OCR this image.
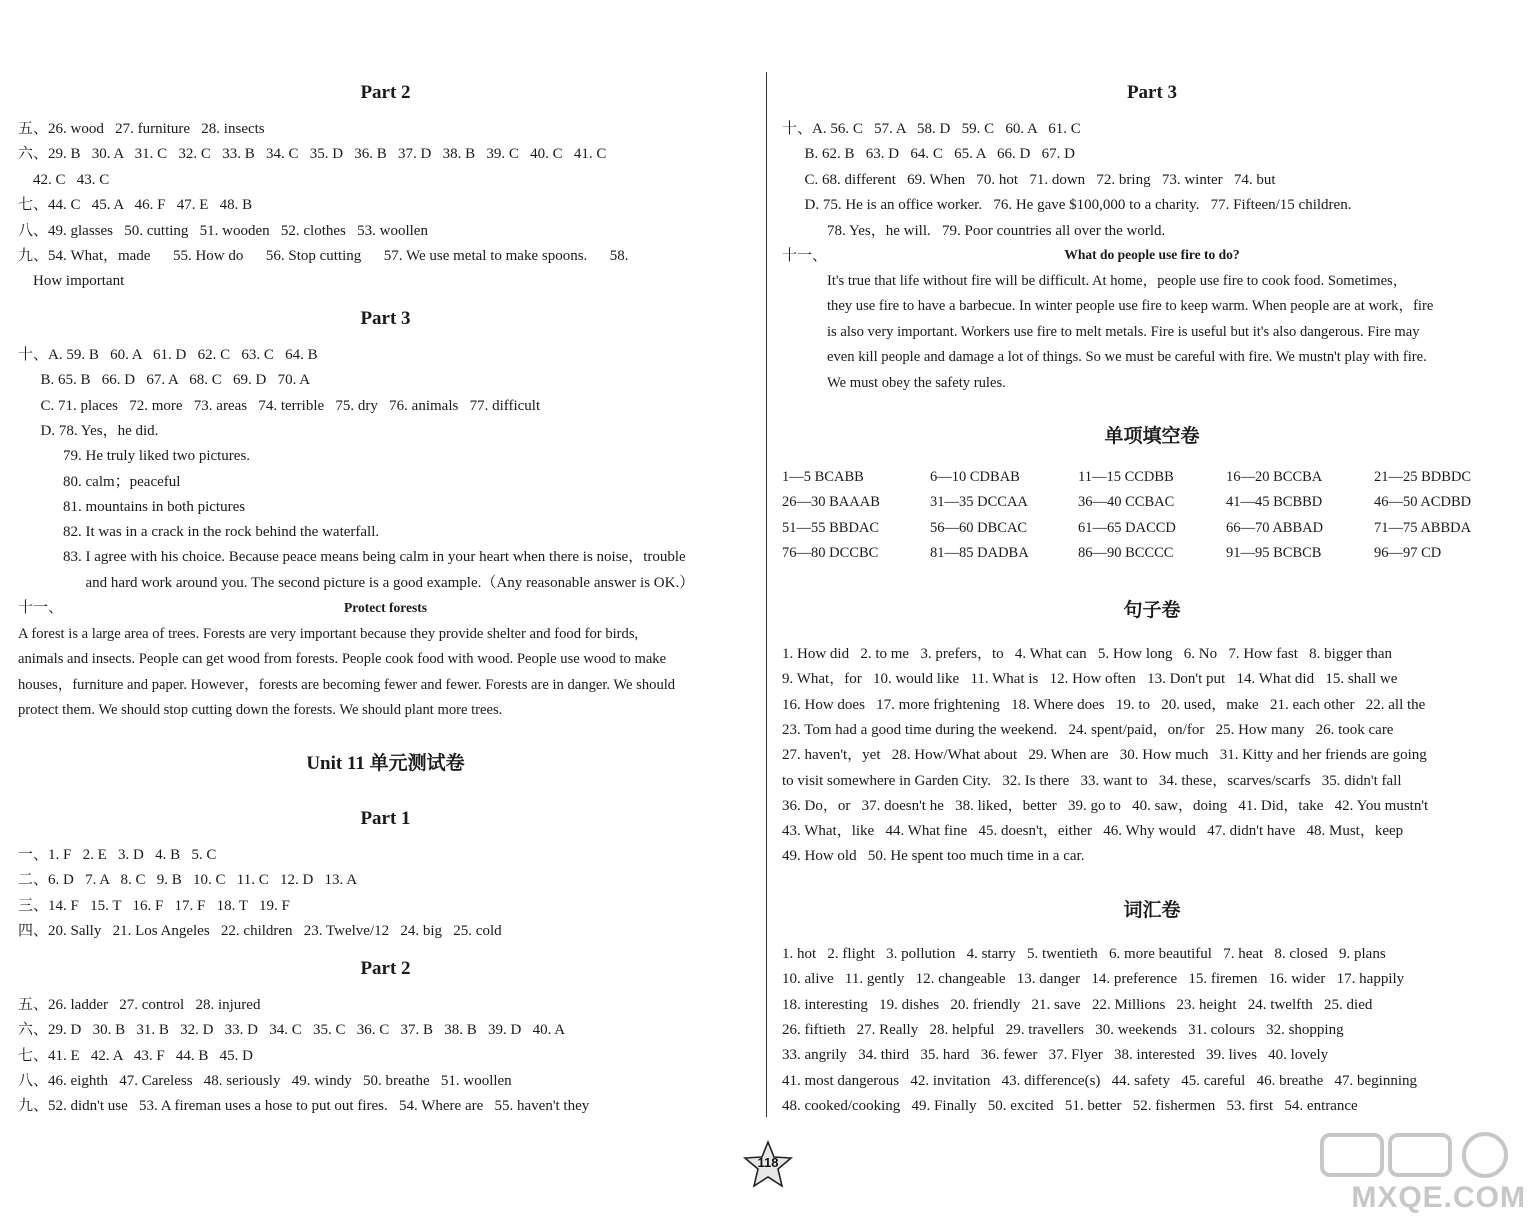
Part 2
五、26. wood   27. furniture   28. insects
六、29. B   30. A   31. C   32. C   33. B   34. C   35. D   36. B   37. D   38. B   39. C   40. C   41. C
42. C   43. C
七、44. C   45. A   46. F   47. E   48. B
八、49. glasses   50. cutting   51. wooden   52. clothes   53. woollen
九、54. What，made      55. How do      56. Stop cutting      57. We use metal to make spoons.      58.
How important
Part 3
十、A. 59. B   60. A   61. D   62. C   63. C   64. B
B. 65. B   66. D   67. A   68. C   69. D   70. A
C. 71. places   72. more   73. areas   74. terrible   75. dry   76. animals   77. difficult
D. 78. Yes，he did.
79. He truly liked two pictures.
80. calm；peaceful
81. mountains in both pictures
82. It was in a crack in the rock behind the waterfall.
83. I agree with his choice. Because peace means being calm in your heart when there is noise，trouble
and hard work around you. The second picture is a good example.（Any reasonable answer is OK.）
十一、	Protect forests
A forest is a large area of trees. Forests are very important because they provide shelter and food for birds,
animals and insects. People can get wood from forests. People cook food with wood. People use wood to make
houses，furniture and paper. However，forests are becoming fewer and fewer. Forests are in danger. We should
protect them. We should stop cutting down the forests. We should plant more trees.
Unit 11 单元测试卷
Part 1
一、1. F   2. E   3. D   4. B   5. C
二、6. D   7. A   8. C   9. B   10. C   11. C   12. D   13. A
三、14. F   15. T   16. F   17. F   18. T   19. F
四、20. Sally   21. Los Angeles   22. children   23. Twelve/12   24. big   25. cold
Part 2
五、26. ladder   27. control   28. injured
六、29. D   30. B   31. B   32. D   33. D   34. C   35. C   36. C   37. B   38. B   39. D   40. A
七、41. E   42. A   43. F   44. B   45. D
八、46. eighth   47. Careless   48. seriously   49. windy   50. breathe   51. woollen
九、52. didn't use   53. A fireman uses a hose to put out fires.   54. Where are   55. haven't they
Part 3
十、A. 56. C   57. A   58. D   59. C   60. A   61. C
B. 62. B   63. D   64. C   65. A   66. D   67. D
C. 68. different   69. When   70. hot   71. down   72. bring   73. winter   74. but
D. 75. He is an office worker.   76. He gave $100,000 to a charity.   77. Fifteen/15 children.
78. Yes，he will.   79. Poor countries all over the world.
十一、	What do people use fire to do?
It's true that life without fire will be difficult. At home，people use fire to cook food. Sometimes，
they use fire to have a barbecue. In winter people use fire to keep warm. When people are at work，fire
is also very important. Workers use fire to melt metals. Fire is useful but it's also dangerous. Fire may
even kill people and damage a lot of things. So we must be careful with fire. We mustn't play with fire.
We must obey the safety rules.
单项填空卷
1—5 BCABB	6—10 CDBAB	11—15 CCDBB	16—20 BCCBA	21—25 BDBDC
26—30 BAAAB	31—35 DCCAA	36—40 CCBAC	41—45 BCBBD	46—50 ACDBD
51—55 BBDAC	56—60 DBCAC	61—65 DACCD	66—70 ABBAD	71—75 ABBDA
76—80 DCCBC	81—85 DADBA	86—90 BCCCC	91—95 BCBCB	96—97 CD
句子卷
1. How did   2. to me   3. prefers，to   4. What can   5. How long   6. No   7. How fast   8. bigger than
9. What，for   10. would like   11. What is   12. How often   13. Don't put   14. What did   15. shall we
16. How does   17. more frightening   18. Where does   19. to   20. used，make   21. each other   22. all the
23. Tom had a good time during the weekend.   24. spent/paid，on/for   25. How many   26. took care
27. haven't，yet   28. How/What about   29. When are   30. How much   31. Kitty and her friends are going
to visit somewhere in Garden City.   32. Is there   33. want to   34. these，scarves/scarfs   35. didn't fall
36. Do，or   37. doesn't he   38. liked，better   39. go to   40. saw，doing   41. Did，take   42. You mustn't
43. What，like   44. What fine   45. doesn't，either   46. Why would   47. didn't have   48. Must，keep
49. How old   50. He spent too much time in a car.
词汇卷
1. hot   2. flight   3. pollution   4. starry   5. twentieth   6. more beautiful   7. heat   8. closed   9. plans
10. alive   11. gently   12. changeable   13. danger   14. preference   15. firemen   16. wider   17. happily
18. interesting   19. dishes   20. friendly   21. save   22. Millions   23. height   24. twelfth   25. died
26. fiftieth   27. Really   28. helpful   29. travellers   30. weekends   31. colours   32. shopping
33. angrily   34. third   35. hard   36. fewer   37. Flyer   38. interested   39. lives   40. lovely
41. most dangerous   42. invitation   43. difference(s)   44. safety   45. careful   46. breathe   47. beginning
48. cooked/cooking   49. Finally   50. excited   51. better   52. fishermen   53. first   54. entrance
118
MXQE.COM
